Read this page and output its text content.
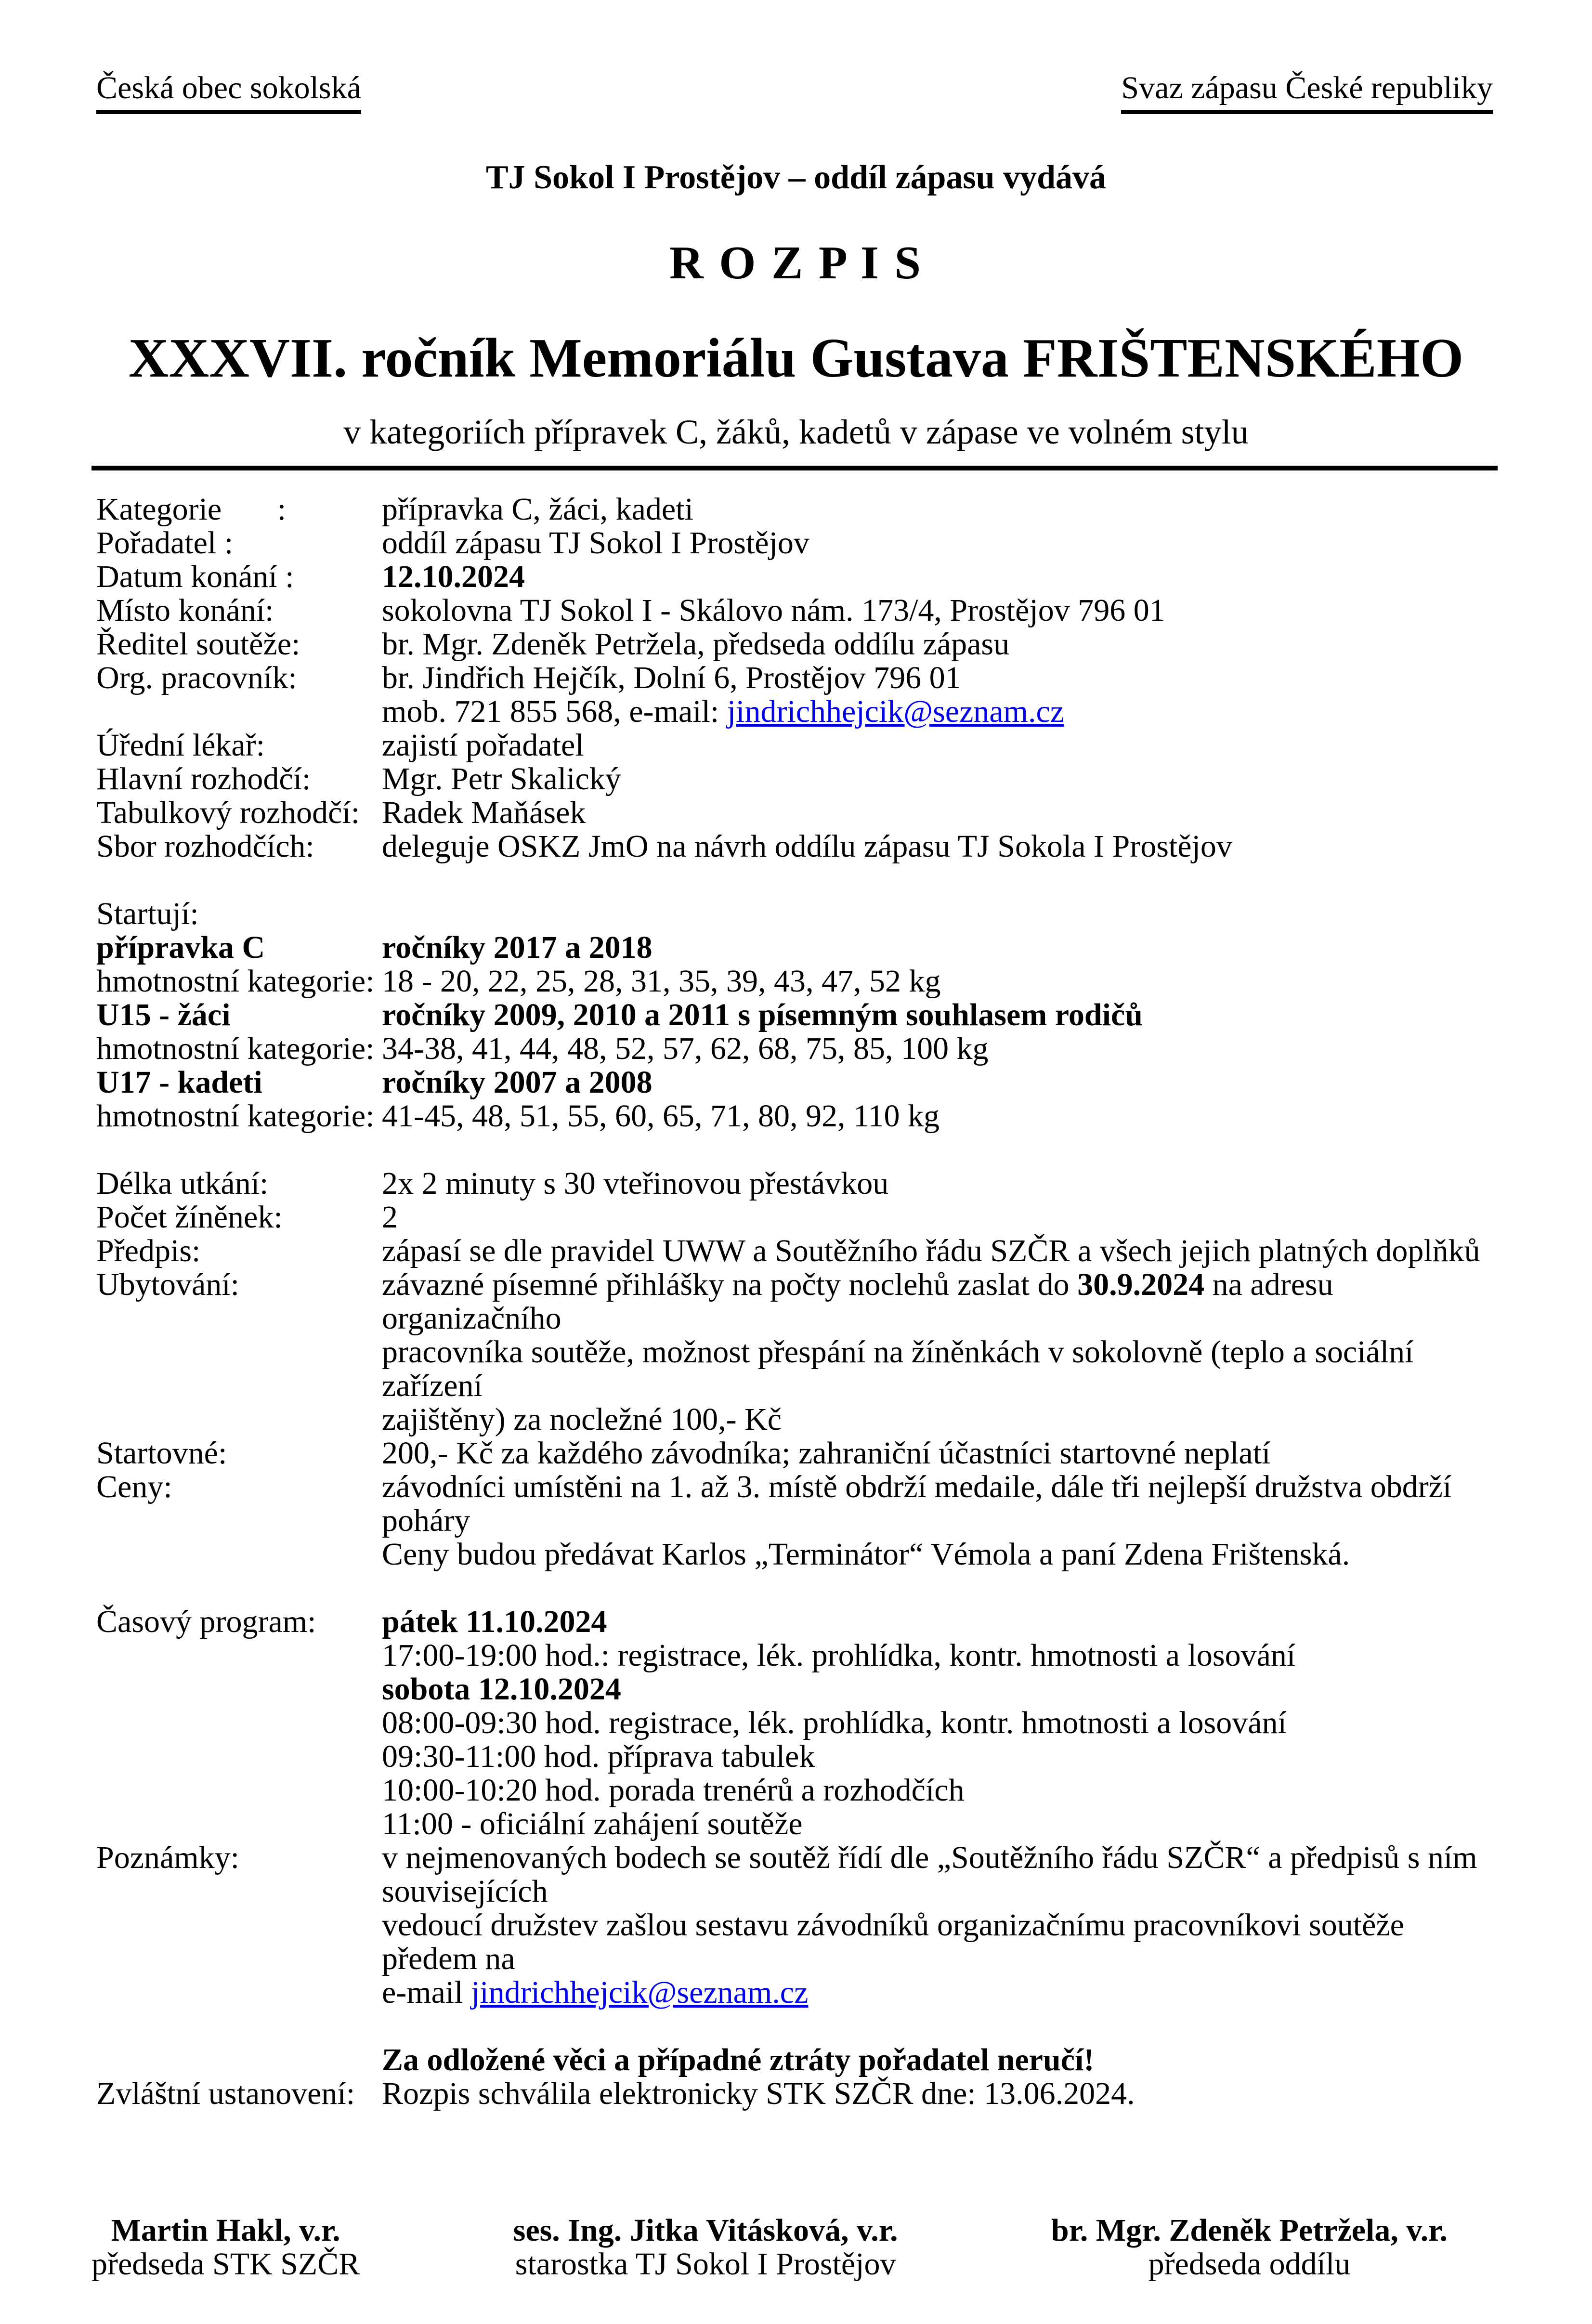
Česká obec sokolská	Svaz zápasu České republiky
TJ Sokol I Prostějov – oddíl zápasu vydává
R O Z P I S
XXXVII. ročník Memoriálu Gustava FRIŠTENSKÉHO
v kategoriích přípravek C, žáků, kadetů v zápase ve volném stylu
Kategorie       :	přípravka C, žáci, kadeti
Pořadatel :	oddíl zápasu TJ Sokol I Prostějov
Datum konání :	12.10.2024
Místo konání:	sokolovna TJ Sokol I - Skálovo nám. 173/4, Prostějov 796 01
Ředitel soutěže:	br. Mgr. Zdeněk Petržela, předseda oddílu zápasu
Org. pracovník:	br. Jindřich Hejčík, Dolní 6, Prostějov 796 01
mob. 721 855 568, e-mail: jindrichhejcik@seznam.cz
Úřední lékař:	zajistí pořadatel
Hlavní rozhodčí:	Mgr. Petr Skalický
Tabulkový rozhodčí: Radek Maňásek
Sbor rozhodčích:	deleguje OSKZ JmO na návrh oddílu zápasu TJ Sokola I Prostějov
Startují:
přípravka C	ročníky 2017 a 2018
hmotnostní kategorie: 18 - 20, 22, 25, 28, 31, 35, 39, 43, 47, 52 kg
U15 - žáci	ročníky 2009, 2010 a 2011 s písemným souhlasem rodičů
hmotnostní kategorie: 34-38, 41, 44, 48, 52, 57, 62, 68, 75, 85, 100 kg
U17 - kadeti	ročníky 2007 a 2008
hmotnostní kategorie: 41-45, 48, 51, 55, 60, 65, 71, 80, 92, 110 kg
Délka utkání:	2x 2 minuty s 30 vteřinovou přestávkou
Počet žíněnek:	2
Předpis:	zápasí se dle pravidel UWW a Soutěžního řádu SZČR a všech jejich platných doplňků
Ubytování:	závazné písemné přihlášky na počty noclehů zaslat do 30.9.2024 na adresu organizačního
pracovníka soutěže, možnost přespání na žíněnkách v sokolovně (teplo a sociální zařízení
zajištěny) za nocležné 100,- Kč
Startovné:	200,- Kč za každého závodníka; zahraniční účastníci startovné neplatí
Ceny:	závodníci umístěni na 1. až 3. místě obdrží medaile, dále tři nejlepší družstva obdrží poháry
Ceny budou předávat Karlos „Terminátor“ Vémola a paní Zdena Frištenská.
Časový program:	pátek 11.10.2024
17:00-19:00 hod.: registrace, lék. prohlídka, kontr. hmotnosti a losování
sobota 12.10.2024
08:00-09:30 hod. registrace, lék. prohlídka, kontr. hmotnosti a losování
09:30-11:00 hod. příprava tabulek
10:00-10:20 hod. porada trenérů a rozhodčích
11:00 - oficiální zahájení soutěže
Poznámky:	v nejmenovaných bodech se soutěž řídí dle „Soutěžního řádu SZČR“ a předpisů s ním
souvisejících
vedoucí družstev zašlou sestavu závodníků organizačnímu pracovníkovi soutěže předem na
e-mail jindrichhejcik@seznam.cz
Za odložené věci a případné ztráty pořadatel neručí!
Zvláštní ustanovení: Rozpis schválila elektronicky STK SZČR dne: 13.06.2024.
Martin Hakl, v.r.
předseda STK SZČR
ses. Ing. Jitka Vitásková, v.r.
starostka TJ Sokol I Prostějov
br. Mgr. Zdeněk Petržela, v.r.
předseda oddílu
